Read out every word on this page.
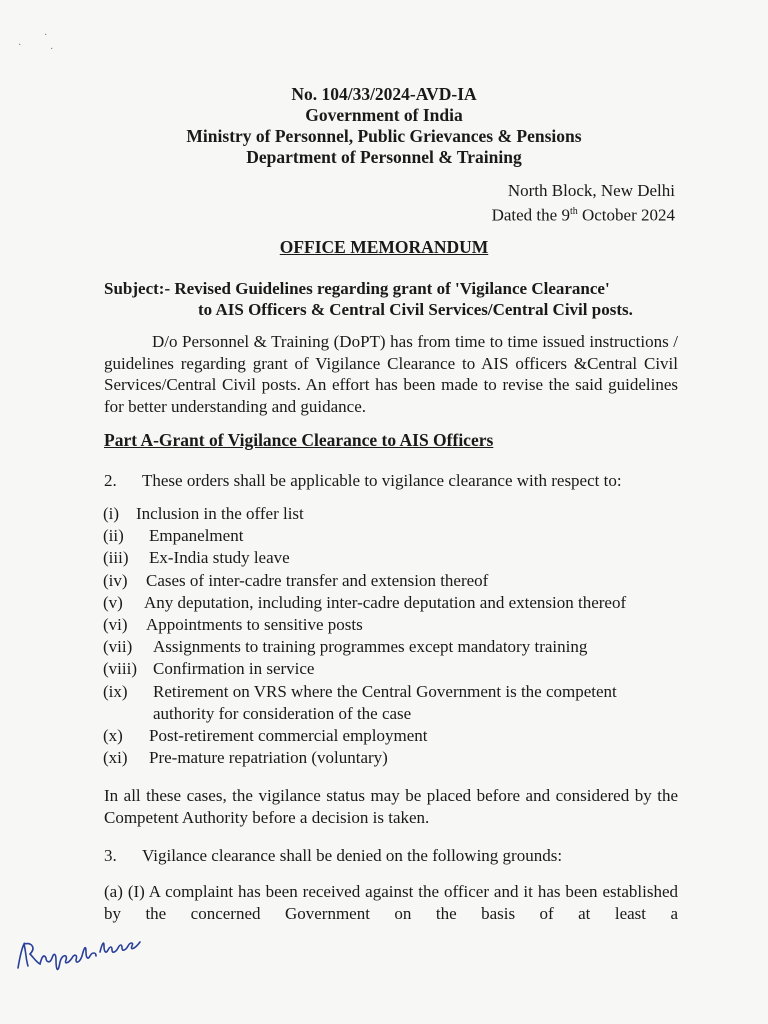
·
·
·
No. 104/33/2024-AVD-IA
Government of India
Ministry of Personnel, Public Grievances & Pensions
Department of Personnel & Training
North Block, New Delhi
Dated the 9th October 2024
OFFICE MEMORANDUM
Subject:- Revised Guidelines regarding grant of 'Vigilance Clearance'
to AIS Officers & Central Civil Services/Central Civil posts.
D/o Personnel & Training (DoPT) has from time to time issued instructions / guidelines regarding grant of Vigilance Clearance to AIS officers &Central Civil Services/Central Civil posts. An effort has been made to revise the said guidelines for better understanding and guidance.
Part A-Grant of Vigilance Clearance to AIS Officers
2. These orders shall be applicable to vigilance clearance with respect to:
(i) Inclusion in the offer list
(ii)	Empanelment
(iii)	Ex-India study leave
(iv)	Cases of inter-cadre transfer and extension thereof
(v)	Any deputation, including inter-cadre deputation and extension thereof
(vi)	Appointments to sensitive posts
(vii)	Assignments to training programmes except mandatory training
(viii) Confirmation in service
(ix)	Retirement on VRS where the Central Government is the competent
authority for consideration of the case
(x)	Post-retirement commercial employment
(xi)	Pre-mature repatriation (voluntary)
In all these cases, the vigilance status may be placed before and considered by the Competent Authority before a decision is taken.
3. Vigilance clearance shall be denied on the following grounds:
(a) (I) A complaint has been received against the officer and it has been established by the concerned Government on the basis of at least a
